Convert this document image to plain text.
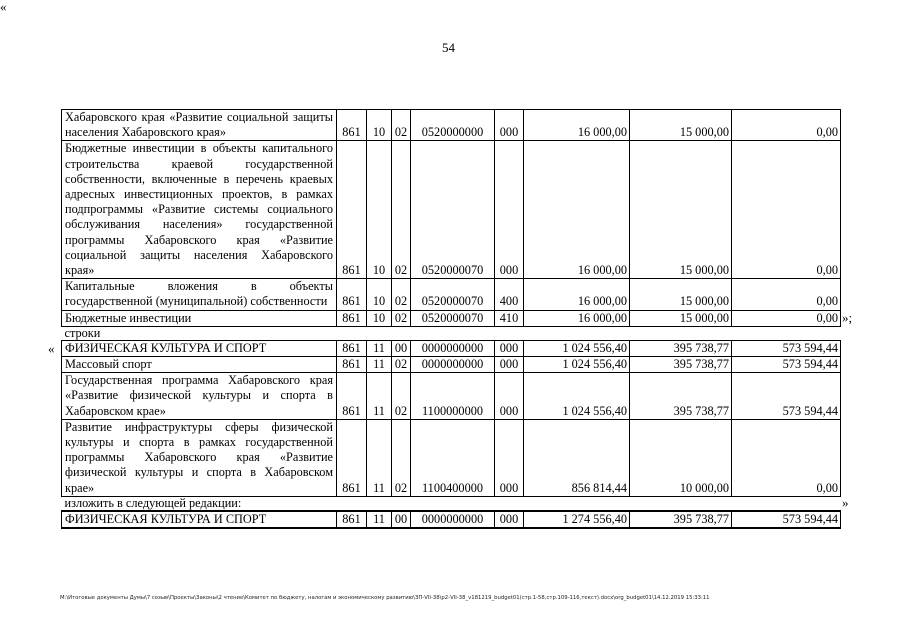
54
Хабаровского края «Развитие социальной защиты населения Хабаровского края»	861	10	02	0520000000	000	16 000,00	15 000,00	0,00
Бюджетные инвестиции в объекты капитального строительства краевой государственной собственности, включенные в перечень краевых адресных инвестиционных проектов, в рамках подпрограммы «Развитие системы социального обслуживания населения» государственной программы Хабаровского края «Развитие социальной защиты населения Хабаровского края»	861	10	02	0520000070	000	16 000,00	15 000,00	0,00
Капитальные вложения в объекты государственной (муниципальной) собственности	861	10	02	0520000070	400	16 000,00	15 000,00	0,00
Бюджетные инвестиции	861	10	02	0520000070	410	16 000,00	15 000,00	0,00
строки								
ФИЗИЧЕСКАЯ КУЛЬТУРА И СПОРТ	861	11	00	0000000000	000	1 024 556,40	395 738,77	573 594,44
Массовый спорт	861	11	02	0000000000	000	1 024 556,40	395 738,77	573 594,44
Государственная программа Хабаровского края «Развитие физической культуры и спорта в Хабаровском крае»	861	11	02	1100000000	000	1 024 556,40	395 738,77	573 594,44
Развитие инфраструктуры сферы физической культуры и спорта в рамках государственной программы Хабаровского края «Развитие физической культуры и спорта в Хабаровском крае»	861	11	02	1100400000	000	856 814,44	10 000,00	0,00
изложить в следующей редакции:								
ФИЗИЧЕСКАЯ КУЛЬТУРА И СПОРТ	861	11	00	0000000000	000	1 274 556,40	395 738,77	573 594,44
»;
«
»
«
М:\Итоговые документы Думы\7 созыв\Проекты\Законы\2 чтение\Комитет по бюджету, налогам и экономическому развитию\ЗП-VII-38\р2-VII-38_v181219_budget01(стр.1-58,стр.109-116,текст).docx\org_budget01\14.12.2019 15:33:11
